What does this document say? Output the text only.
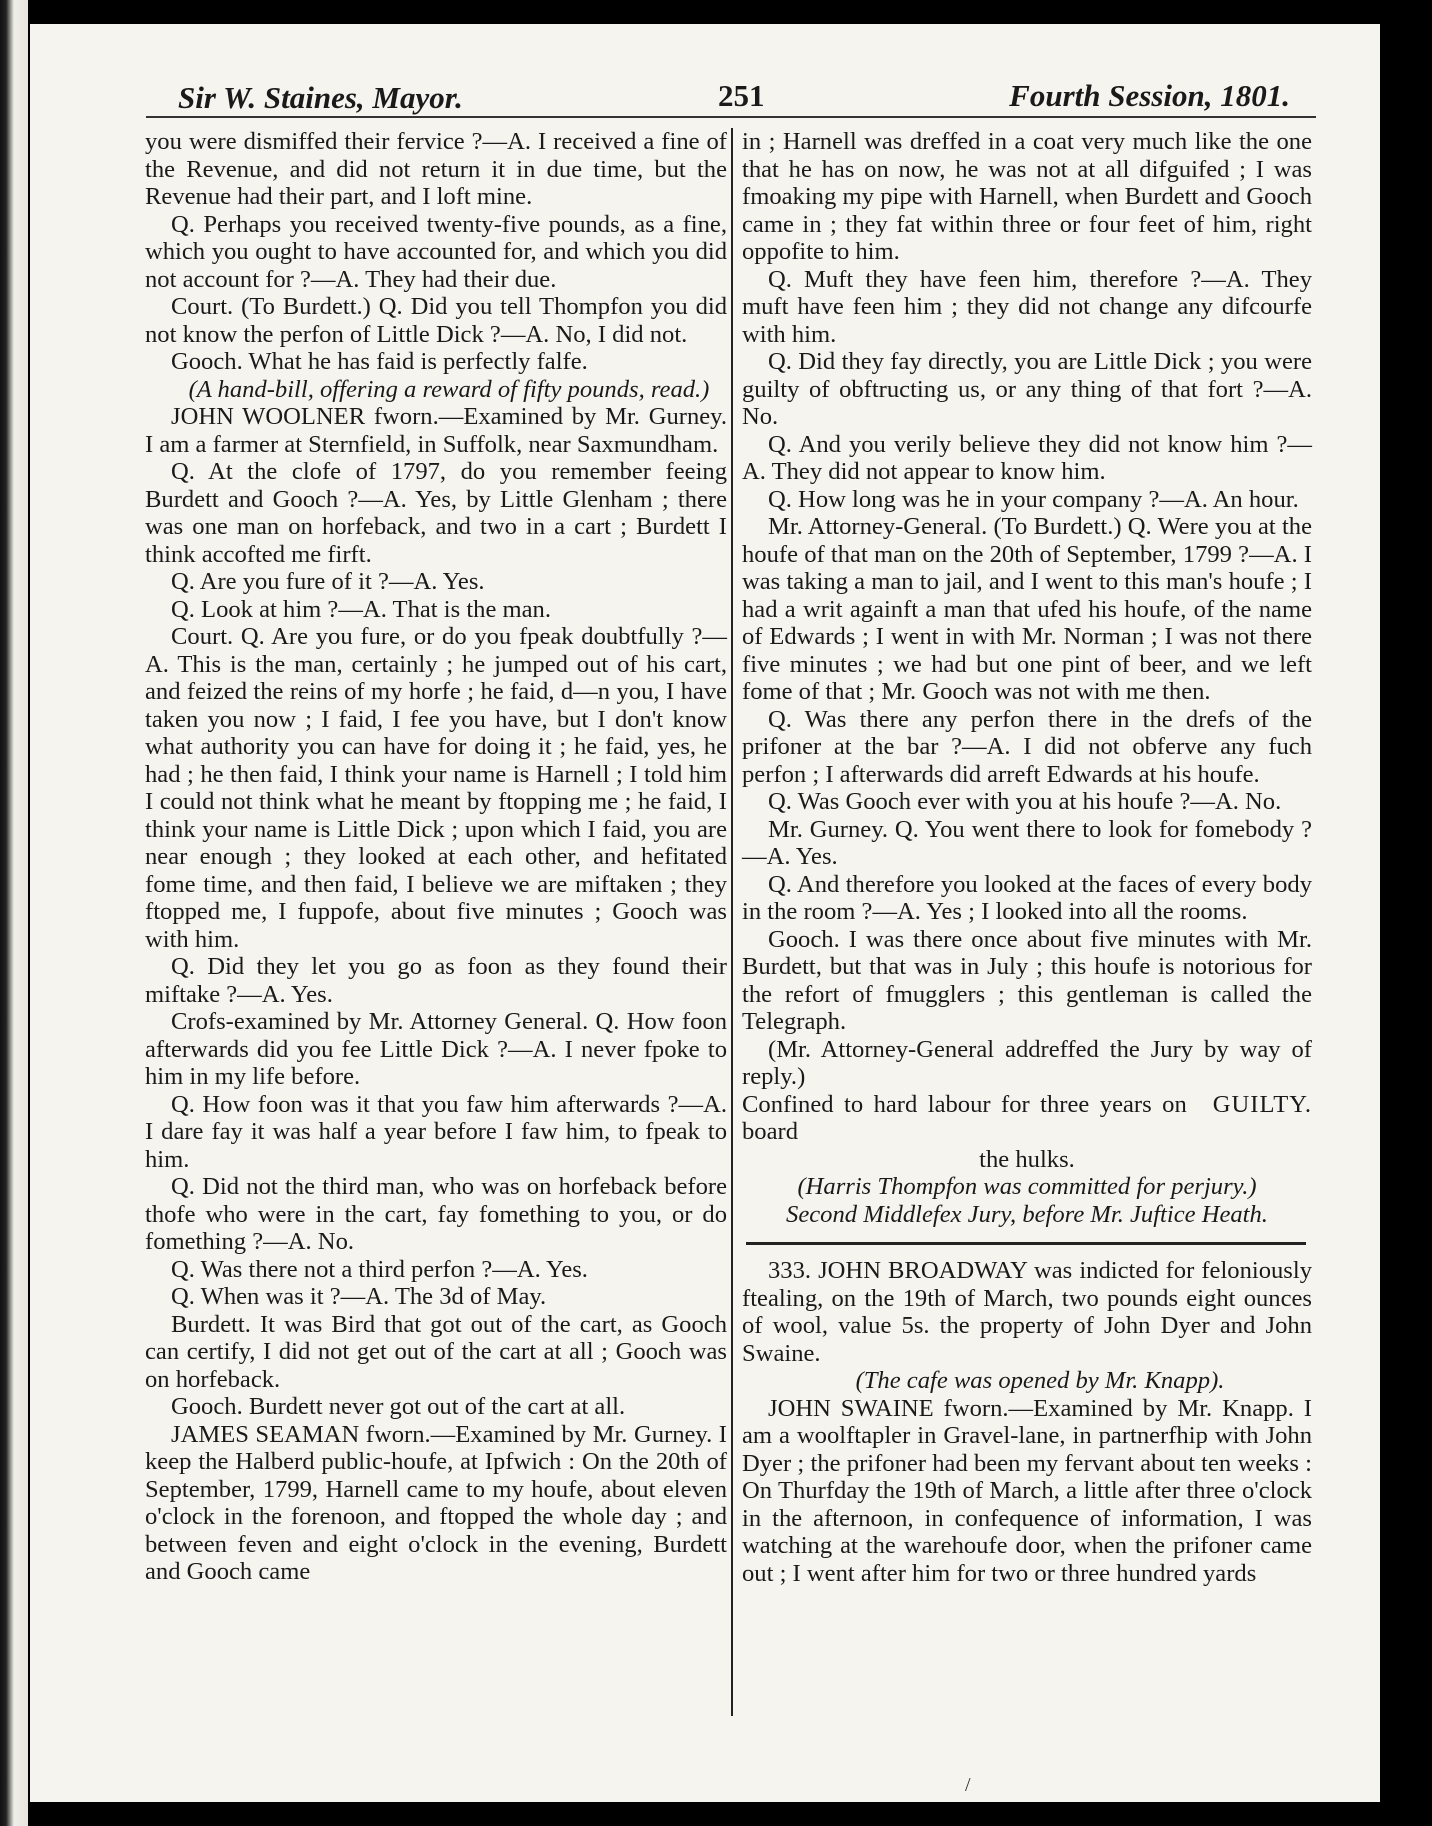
Sir W. Staines, Mayor.	251	Fourth Session, 1801.

you were dismiffed their fervice ?—A. I received a fine of the Revenue, and did not return it in due time, but the Revenue had their part, and I loft mine.

Q. Perhaps you received twenty-five pounds, as a fine, which you ought to have accounted for, and which you did not account for ?—A. They had their due.

Court. (To Burdett.) Q. Did you tell Thompfon you did not know the perfon of Little Dick ?—A. No, I did not.

Gooch. What he has faid is perfectly falfe.

(A hand-bill, offering a reward of fifty pounds, read.)

JOHN WOOLNER fworn.—Examined by Mr. Gurney. I am a farmer at Sternfield, in Suffolk, near Saxmundham.

Q. At the clofe of 1797, do you remember feeing Burdett and Gooch ?—A. Yes, by Little Glenham ; there was one man on horfeback, and two in a cart ; Burdett I think accofted me firft.

Q. Are you fure of it ?—A. Yes.

Q. Look at him ?—A. That is the man.

Court. Q. Are you fure, or do you fpeak doubtfully ?—A. This is the man, certainly ; he jumped out of his cart, and feized the reins of my horfe ; he faid, d—n you, I have taken you now ; I faid, I fee you have, but I don't know what authority you can have for doing it ; he faid, yes, he had ; he then faid, I think your name is Harnell ; I told him I could not think what he meant by ftopping me ; he faid, I think your name is Little Dick ; upon which I faid, you are near enough ; they looked at each other, and hefitated fome time, and then faid, I believe we are miftaken ; they ftopped me, I fuppofe, about five minutes ; Gooch was with him.

Q. Did they let you go as foon as they found their miftake ?—A. Yes.

Crofs-examined by Mr. Attorney General. Q. How foon afterwards did you fee Little Dick ?—A. I never fpoke to him in my life before.

Q. How foon was it that you faw him afterwards ?—A. I dare fay it was half a year before I faw him, to fpeak to him.

Q. Did not the third man, who was on horfeback before thofe who were in the cart, fay fomething to you, or do fomething ?—A. No.

Q. Was there not a third perfon ?—A. Yes.

Q. When was it ?—A. The 3d of May.

Burdett. It was Bird that got out of the cart, as Gooch can certify, I did not get out of the cart at all ; Gooch was on horfeback.

Gooch. Burdett never got out of the cart at all.

JAMES SEAMAN fworn.—Examined by Mr. Gurney. I keep the Halberd public-houfe, at Ipfwich : On the 20th of September, 1799, Harnell came to my houfe, about eleven o'clock in the forenoon, and ftopped the whole day ; and between feven and eight o'clock in the evening, Burdett and Gooch came

in ; Harnell was dreffed in a coat very much like the one that he has on now, he was not at all difguifed ; I was fmoaking my pipe with Harnell, when Burdett and Gooch came in ; they fat within three or four feet of him, right oppofite to him.

Q. Muft they have feen him, therefore ?—A. They muft have feen him ; they did not change any difcourfe with him.

Q. Did they fay directly, you are Little Dick ; you were guilty of obftructing us, or any thing of that fort ?—A. No.

Q. And you verily believe they did not know him ?—A. They did not appear to know him.

Q. How long was he in your company ?—A. An hour.

Mr. Attorney-General. (To Burdett.) Q. Were you at the houfe of that man on the 20th of September, 1799 ?—A. I was taking a man to jail, and I went to this man's houfe ; I had a writ againft a man that ufed his houfe, of the name of Edwards ; I went in with Mr. Norman ; I was not there five minutes ; we had but one pint of beer, and we left fome of that ; Mr. Gooch was not with me then.

Q. Was there any perfon there in the drefs of the prifoner at the bar ?—A. I did not obferve any fuch perfon ; I afterwards did arreft Edwards at his houfe.

Q. Was Gooch ever with you at his houfe ?—A. No.

Mr. Gurney. Q. You went there to look for fomebody ?—A. Yes.

Q. And therefore you looked at the faces of every body in the room ?—A. Yes ; I looked into all the rooms.

Gooch. I was there once about five minutes with Mr. Burdett, but that was in July ; this houfe is notorious for the refort of fmugglers ; this gentleman is called the Telegraph.

(Mr. Attorney-General addreffed the Jury by way of reply.)

GUILTY.

Confined to hard labour for three years on board

the hulks.

(Harris Thompfon was committed for perjury.)

Second Middlefex Jury, before Mr. Juftice Heath.

333. JOHN BROADWAY was indicted for feloniously ftealing, on the 19th of March, two pounds eight ounces of wool, value 5s. the property of John Dyer and John Swaine.

(The cafe was opened by Mr. Knapp).

JOHN SWAINE fworn.—Examined by Mr. Knapp. I am a woolftapler in Gravel-lane, in partnerfhip with John Dyer ; the prifoner had been my fervant about ten weeks : On Thurfday the 19th of March, a little after three o'clock in the afternoon, in confequence of information, I was watching at the warehoufe door, when the prifoner came out ; I went after him for two or three hundred yards

/
